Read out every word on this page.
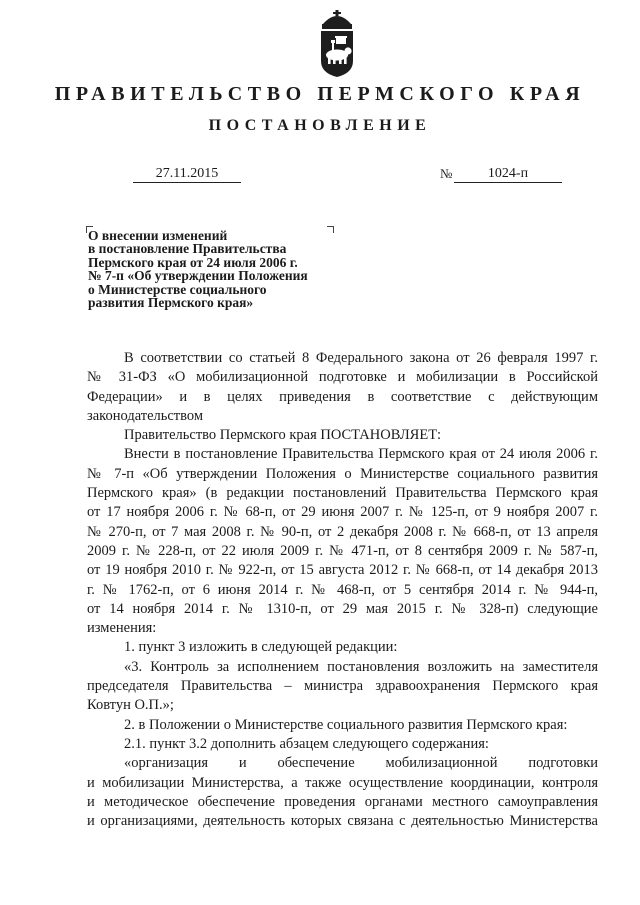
ПРАВИТЕЛЬСТВО ПЕРМСКОГО КРАЯ
ПОСТАНОВЛЕНИЕ
27.11.2015	№	1024-п
О внесении изменений
в постановление Правительства
Пермского края от 24 июля 2006 г.
№ 7-п «Об утверждении Положения
о Министерстве социального
развития Пермского края»
В соответствии со статьей 8 Федерального закона от 26 февраля 1997 г.
№ 31-ФЗ «О мобилизационной подготовке и мобилизации в Российской
Федерации» и в целях приведения в соответствие с действующим
законодательством
Правительство Пермского края ПОСТАНОВЛЯЕТ:
Внести в постановление Правительства Пермского края от 24 июля 2006 г.
№ 7-п «Об утверждении Положения о Министерстве социального развития
Пермского края» (в редакции постановлений Правительства Пермского края
от 17 ноября 2006 г. № 68-п, от 29 июня 2007 г. № 125-п, от 9 ноября 2007 г.
№ 270-п, от 7 мая 2008 г. № 90-п, от 2 декабря 2008 г. № 668-п, от 13 апреля
2009 г. № 228-п, от 22 июля 2009 г. № 471-п, от 8 сентября 2009 г. № 587-п,
от 19 ноября 2010 г. № 922-п, от 15 августа 2012 г. № 668-п, от 14 декабря 2013
г. № 1762-п, от 6 июня 2014 г. № 468-п, от 5 сентября 2014 г. № 944-п,
от 14 ноября 2014 г. № 1310-п, от 29 мая 2015 г. № 328-п) следующие
изменения:
1. пункт 3 изложить в следующей редакции:
«3. Контроль за исполнением постановления возложить на заместителя
председателя Правительства – министра здравоохранения Пермского края
Ковтун О.П.»;
2. в Положении о Министерстве социального развития Пермского края:
2.1. пункт 3.2 дополнить абзацем следующего содержания:
«организация и обеспечение мобилизационной подготовки
и мобилизации Министерства, а также осуществление координации, контроля
и методическое обеспечение проведения органами местного самоуправления
и организациями, деятельность которых связана с деятельностью Министерства
